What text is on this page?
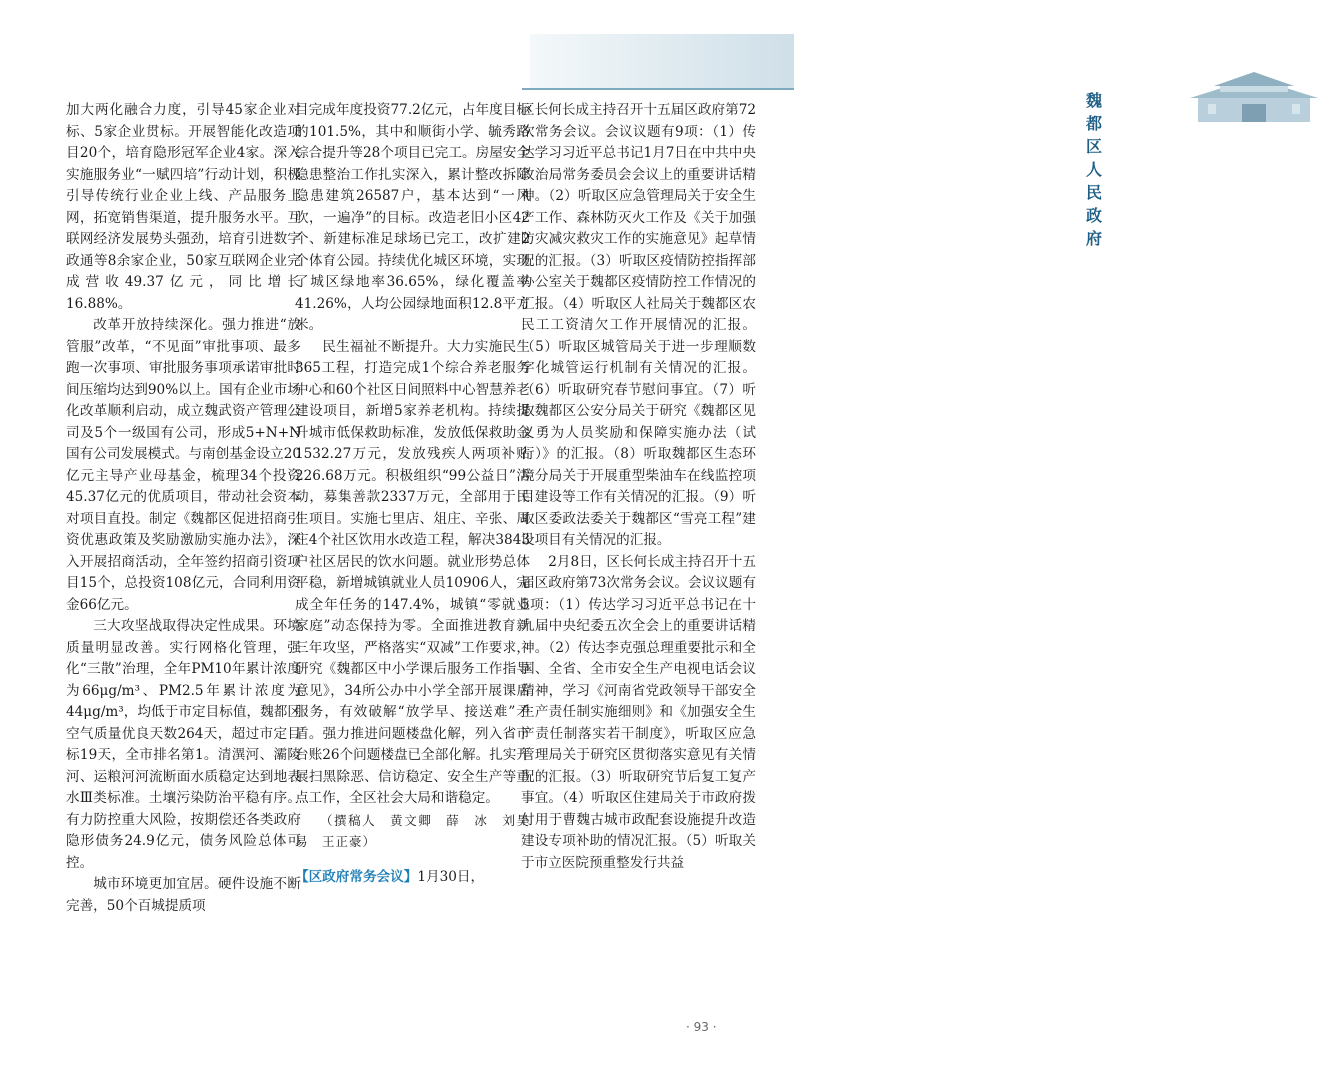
魏都区人民政府

加大两化融合力度，引导45家企业对标、5家企业贯标。开展智能化改造项目20个，培育隐形冠军企业4家。深入实施服务业“一赋四培”行动计划，积极引导传统行业企业上线、产品服务上网，拓宽销售渠道，提升服务水平。互联网经济发展势头强劲，培育引进数字政通等8余家企业，50家互联网企业完成营收49.37亿元，同比增长16.88%。

改革开放持续深化。强力推进“放管服”改革，“不见面”审批事项、最多跑一次事项、审批服务事项承诺审批时间压缩均达到90%以上。国有企业市场化改革顺利启动，成立魏武资产管理公司及5个一级国有公司，形成5+N+N国有公司发展模式。与南创基金设立20亿元主导产业母基金，梳理34个投资45.37亿元的优质项目，带动社会资本对项目直投。制定《魏都区促进招商引资优惠政策及奖励激励实施办法》，深入开展招商活动，全年签约招商引资项目15个，总投资108亿元，合同利用资金66亿元。

三大攻坚战取得决定性成果。环境质量明显改善。实行网格化管理，强化“三散”治理，全年PM10年累计浓度为66μg/m³、PM2.5年累计浓度为44μg/m³，均低于市定目标值，魏都区空气质量优良天数264天，超过市定目标19天，全市排名第1。清潩河、灞陵河、运粮河河流断面水质稳定达到地表水Ⅲ类标准。土壤污染防治平稳有序。有力防控重大风险，按期偿还各类政府隐形债务24.9亿元，债务风险总体可控。

城市环境更加宜居。硬件设施不断完善，50个百城提质项

目完成年度投资77.2亿元，占年度目标的101.5%，其中和顺街小学、毓秀路综合提升等28个项目已完工。房屋安全隐患整治工作扎实深入，累计整改拆除隐患建筑26587户，基本达到“一风吹，一遍净”的目标。改造老旧小区42个、新建标准足球场已完工，改扩建2个体育公园。持续优化城区环境，实现了城区绿地率36.65%，绿化覆盖率41.26%，人均公园绿地面积12.8平方米。

民生福祉不断提升。大力实施民生365工程，打造完成1个综合养老服务中心和60个社区日间照料中心智慧养老建设项目，新增5家养老机构。持续提升城市低保救助标准，发放低保救助金1532.27万元，发放残疾人两项补贴226.68万元。积极组织“99公益日”活动，募集善款2337万元，全部用于民生项目。实施七里店、俎庄、辛张、周庄4个社区饮用水改造工程，解决3843户社区居民的饮水问题。就业形势总体平稳，新增城镇就业人员10906人，完成全年任务的147.4%，城镇“零就业家庭”动态保持为零。全面推进教育新三年攻坚，严格落实“双减”工作要求，研究《魏都区中小学课后服务工作指导意见》，34所公办中小学全部开展课后服务，有效破解“放学早、接送难”矛盾。强力推进问题楼盘化解，列入省市台账26个问题楼盘已全部化解。扎实开展扫黑除恶、信访稳定、安全生产等重点工作，全区社会大局和谐稳定。

（撰稿人　黄文卿　薛　冰　刘昊易　王正豪）

【区政府常务会议】1月30日，

区长何长成主持召开十五届区政府第72次常务会议。会议议题有9项：（1）传达学习习近平总书记1月7日在中共中央政治局常务委员会会议上的重要讲话精神。（2）听取区应急管理局关于安全生产工作、森林防灭火工作及《关于加强防灾减灾救灾工作的实施意见》起草情况的汇报。（3）听取区疫情防控指挥部办公室关于魏都区疫情防控工作情况的汇报。（4）听取区人社局关于魏都区农民工工资清欠工作开展情况的汇报。（5）听取区城管局关于进一步理顺数字化城管运行机制有关情况的汇报。（6）听取研究春节慰问事宜。（7）听取魏都区公安分局关于研究《魏都区见义勇为人员奖励和保障实施办法（试行）》的汇报。（8）听取魏都区生态环境分局关于开展重型柴油车在线监控项目建设等工作有关情况的汇报。（9）听取区委政法委关于魏都区“雪亮工程”建设项目有关情况的汇报。

2月8日，区长何长成主持召开十五届区政府第73次常务会议。会议议题有5项：（1）传达学习习近平总书记在十九届中央纪委五次全会上的重要讲话精神。（2）传达李克强总理重要批示和全国、全省、全市安全生产电视电话会议精神，学习《河南省党政领导干部安全生产责任制实施细则》和《加强安全生产责任制落实若干制度》，听取区应急管理局关于研究区贯彻落实意见有关情况的汇报。（3）听取研究节后复工复产事宜。（4）听取区住建局关于市政府拨付用于曹魏古城市政配套设施提升改造建设专项补助的情况汇报。（5）听取关于市立医院预重整发行共益

· 93 ·
